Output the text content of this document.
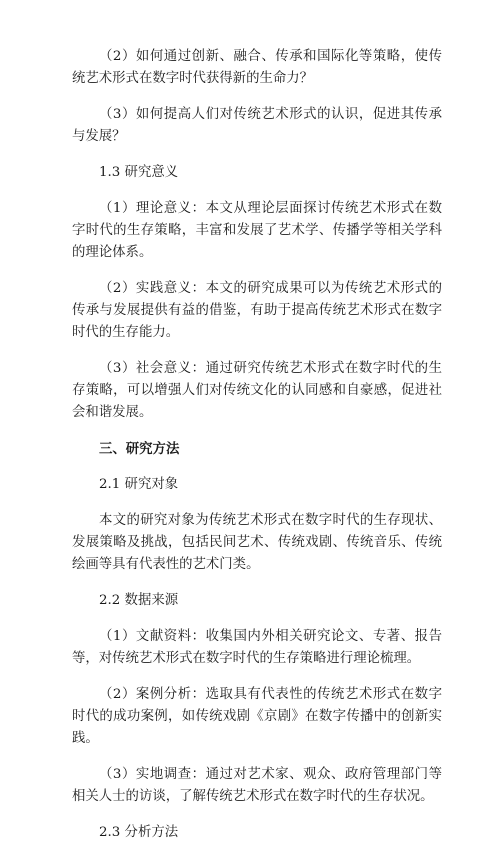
（2）如何通过创新、融合、传承和国际化等策略，使传统艺术形式在数字时代获得新的生命力？

（3）如何提高人们对传统艺术形式的认识，促进其传承与发展？

1.3 研究意义

（1）理论意义：本文从理论层面探讨传统艺术形式在数字时代的生存策略，丰富和发展了艺术学、传播学等相关学科的理论体系。

（2）实践意义：本文的研究成果可以为传统艺术形式的传承与发展提供有益的借鉴，有助于提高传统艺术形式在数字时代的生存能力。

（3）社会意义：通过研究传统艺术形式在数字时代的生存策略，可以增强人们对传统文化的认同感和自豪感，促进社会和谐发展。

三、研究方法

2.1 研究对象

本文的研究对象为传统艺术形式在数字时代的生存现状、发展策略及挑战，包括民间艺术、传统戏剧、传统音乐、传统绘画等具有代表性的艺术门类。

2.2 数据来源

（1）文献资料：收集国内外相关研究论文、专著、报告等，对传统艺术形式在数字时代的生存策略进行理论梳理。

（2）案例分析：选取具有代表性的传统艺术形式在数字时代的成功案例，如传统戏剧《京剧》在数字传播中的创新实践。

（3）实地调查：通过对艺术家、观众、政府管理部门等相关人士的访谈，了解传统艺术形式在数字时代的生存状况。

2.3 分析方法
